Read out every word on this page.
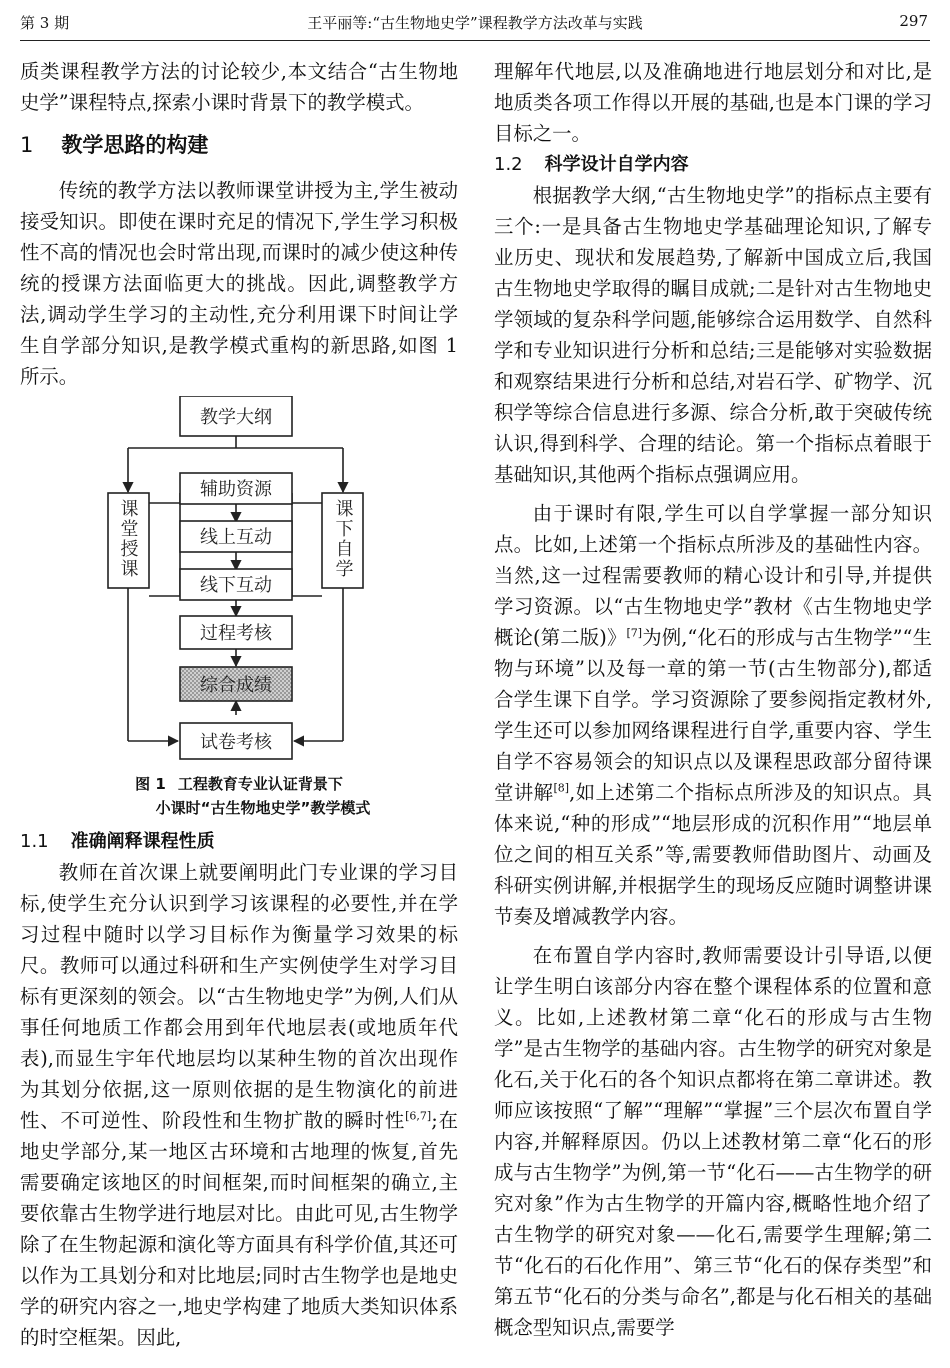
第 3 期	王平丽等:“古生物地史学”课程教学方法改革与实践	297

质类课程教学方法的讨论较少,本文结合“古生物地史学”课程特点,探索小课时背景下的教学模式。

1 教学思路的构建

传统的教学方法以教师课堂讲授为主,学生被动接受知识。即使在课时充足的情况下,学生学习积极性不高的情况也会时常出现,而课时的减少使这种传统的授课方法面临更大的挑战。因此,调整教学方法,调动学生学习的主动性,充分利用课下时间让学生自学部分知识,是教学模式重构的新思路,如图 1 所示。

教学大纲
辅助资源
线上互动
线下互动
过程考核
综合成绩
试卷考核
课堂授课	课下自学
图 1 工程教育专业认证背景下
小课时“古生物地史学”教学模式
1.1 准确阐释课程性质

教师在首次课上就要阐明此门专业课的学习目标,使学生充分认识到学习该课程的必要性,并在学习过程中随时以学习目标作为衡量学习效果的标尺。教师可以通过科研和生产实例使学生对学习目标有更深刻的领会。以“古生物地史学”为例,人们从事任何地质工作都会用到年代地层表(或地质年代表),而显生宇年代地层均以某种生物的首次出现作为其划分依据,这一原则依据的是生物演化的前进性、不可逆性、阶段性和生物扩散的瞬时性[6,7];在地史学部分,某一地区古环境和古地理的恢复,首先需要确定该地区的时间框架,而时间框架的确立,主要依靠古生物学进行地层对比。由此可见,古生物学除了在生物起源和演化等方面具有科学价值,其还可以作为工具划分和对比地层;同时古生物学也是地史学的研究内容之一,地史学构建了地质大类知识体系的时空框架。因此,

理解年代地层,以及准确地进行地层划分和对比,是地质类各项工作得以开展的基础,也是本门课的学习目标之一。

1.2 科学设计自学内容

根据教学大纲,“古生物地史学”的指标点主要有三个:一是具备古生物地史学基础理论知识,了解专业历史、现状和发展趋势,了解新中国成立后,我国古生物地史学取得的瞩目成就;二是针对古生物地史学领域的复杂科学问题,能够综合运用数学、自然科学和专业知识进行分析和总结;三是能够对实验数据和观察结果进行分析和总结,对岩石学、矿物学、沉积学等综合信息进行多源、综合分析,敢于突破传统认识,得到科学、合理的结论。第一个指标点着眼于基础知识,其他两个指标点强调应用。

由于课时有限,学生可以自学掌握一部分知识点。比如,上述第一个指标点所涉及的基础性内容。当然,这一过程需要教师的精心设计和引导,并提供学习资源。以“古生物地史学”教材《古生物地史学概论(第二版)》[7]为例,“化石的形成与古生物学”“生物与环境”以及每一章的第一节(古生物部分),都适合学生课下自学。学习资源除了要参阅指定教材外,学生还可以参加网络课程进行自学,重要内容、学生自学不容易领会的知识点以及课程思政部分留待课堂讲解[8],如上述第二个指标点所涉及的知识点。具体来说,“种的形成”“地层形成的沉积作用”“地层单位之间的相互关系”等,需要教师借助图片、动画及科研实例讲解,并根据学生的现场反应随时调整讲课节奏及增减教学内容。

在布置自学内容时,教师需要设计引导语,以便让学生明白该部分内容在整个课程体系的位置和意义。比如,上述教材第二章“化石的形成与古生物学”是古生物学的基础内容。古生物学的研究对象是化石,关于化石的各个知识点都将在第二章讲述。教师应该按照“了解”“理解”“掌握”三个层次布置自学内容,并解释原因。仍以上述教材第二章“化石的形成与古生物学”为例,第一节“化石——古生物学的研究对象”作为古生物学的开篇内容,概略性地介绍了古生物学的研究对象——化石,需要学生理解;第二节“化石的石化作用”、第三节“化石的保存类型”和第五节“化石的分类与命名”,都是与化石相关的基础概念型知识点,需要学
